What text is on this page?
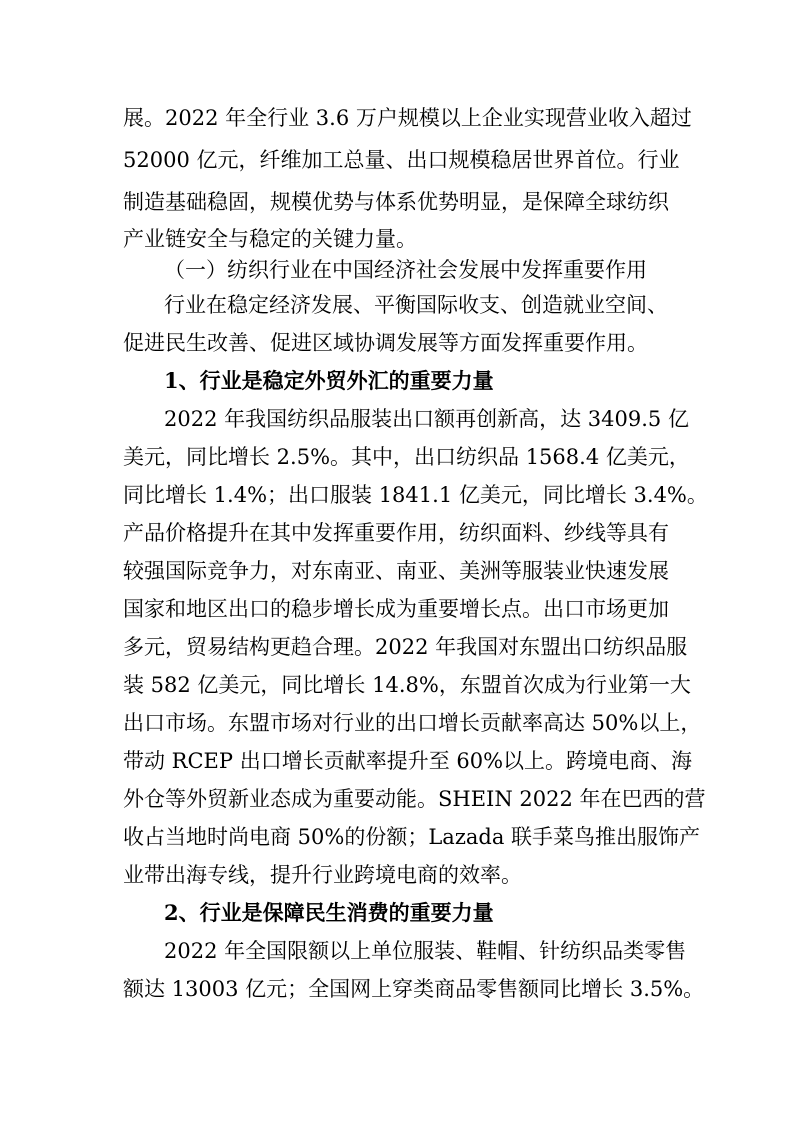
展。2022 年全行业 3.6 万户规模以上企业实现营业收入超过
52000 亿元，纤维加工总量、出口规模稳居世界首位。行业
制造基础稳固，规模优势与体系优势明显，是保障全球纺织
产业链安全与稳定的关键力量。
（一）纺织行业在中国经济社会发展中发挥重要作用
行业在稳定经济发展、平衡国际收支、创造就业空间、
促进民生改善、促进区域协调发展等方面发挥重要作用。
1、行业是稳定外贸外汇的重要力量
2022 年我国纺织品服装出口额再创新高，达 3409.5 亿
美元，同比增长 2.5%。其中，出口纺织品 1568.4 亿美元，
同比增长 1.4%；出口服装 1841.1 亿美元，同比增长 3.4%。
产品价格提升在其中发挥重要作用，纺织面料、纱线等具有
较强国际竞争力，对东南亚、南亚、美洲等服装业快速发展
国家和地区出口的稳步增长成为重要增长点。出口市场更加
多元，贸易结构更趋合理。2022 年我国对东盟出口纺织品服
装 582 亿美元，同比增长 14.8%，东盟首次成为行业第一大
出口市场。东盟市场对行业的出口增长贡献率高达 50%以上，
带动 RCEP 出口增长贡献率提升至 60%以上。跨境电商、海
外仓等外贸新业态成为重要动能。SHEIN 2022 年在巴西的营
收占当地时尚电商 50%的份额；Lazada 联手菜鸟推出服饰产
业带出海专线，提升行业跨境电商的效率。
2、行业是保障民生消费的重要力量
2022 年全国限额以上单位服装、鞋帽、针纺织品类零售
额达 13003 亿元；全国网上穿类商品零售额同比增长 3.5%。
